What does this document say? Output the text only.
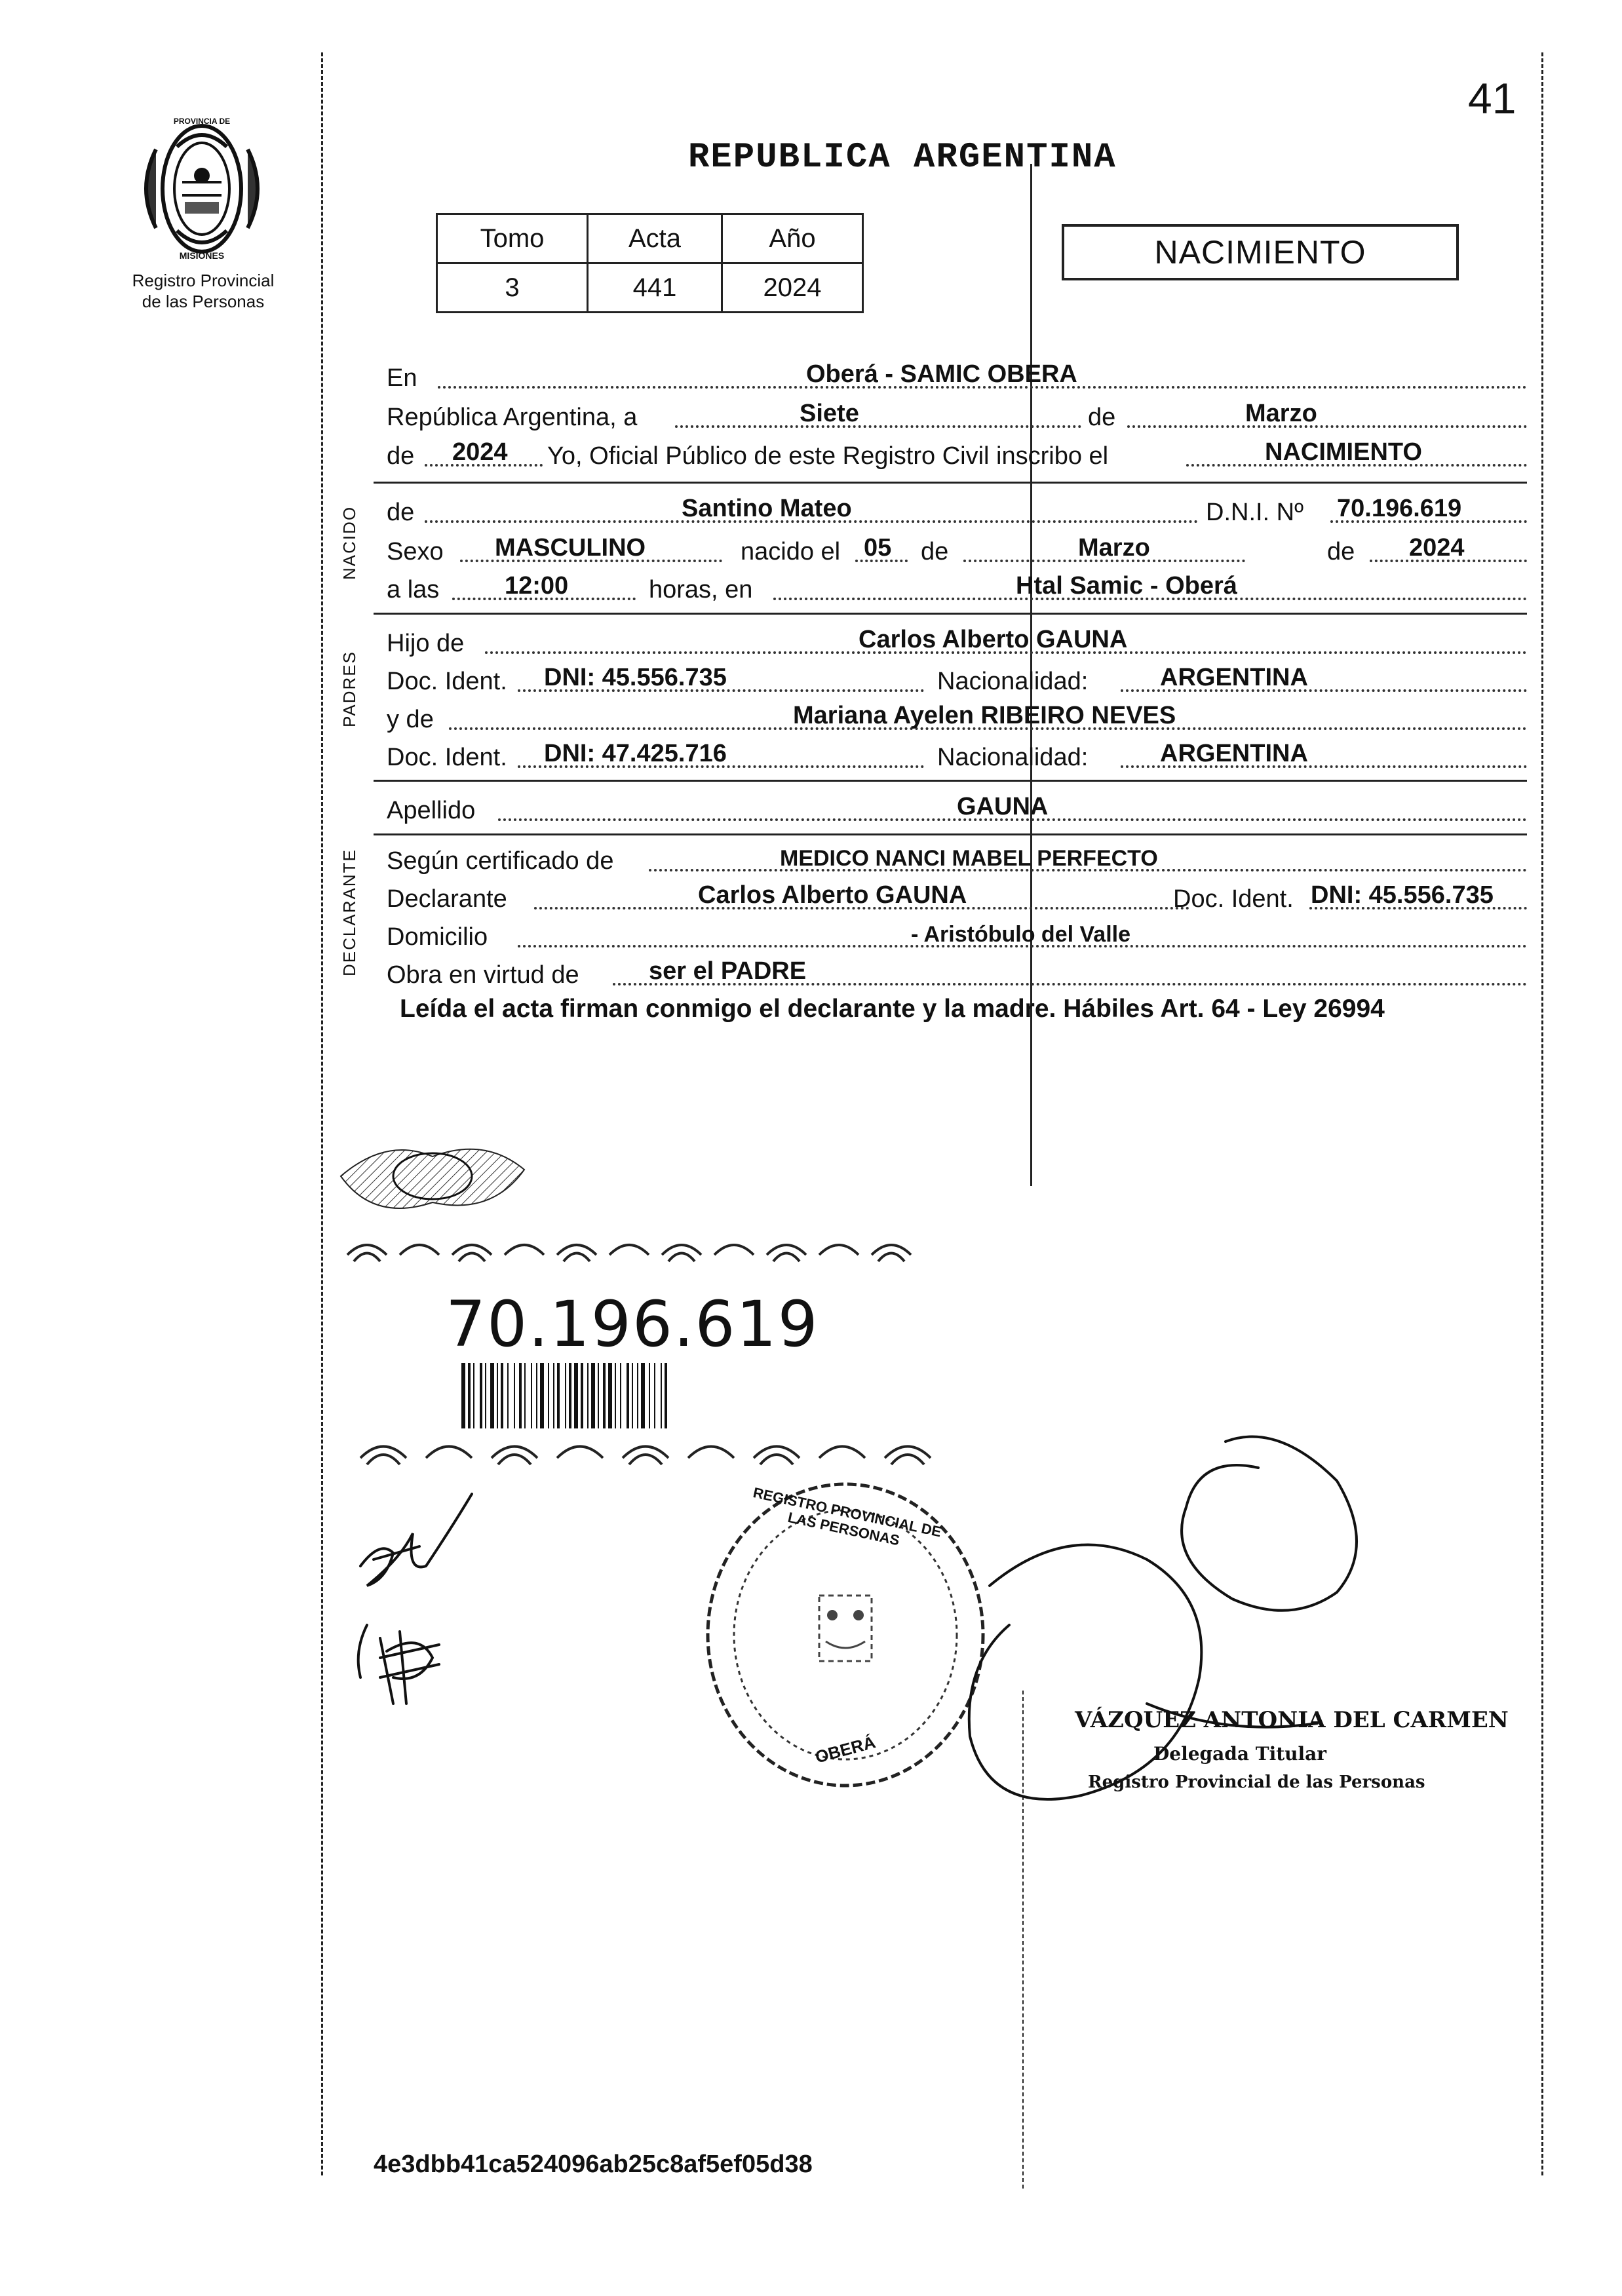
41
PROVINCIA DE
MISIONES
Registro Provincial
de las Personas
REPUBLICA ARGENTINA
Tomo	Acta	Año
3	441	2024
NACIMIENTO
En	Oberá - SAMIC OBERA
República Argentina, a	Siete	de	Marzo
de 2024 Yo, Oficial Público de este Registro Civil inscribo el	NACIMIENTO
NACIDO de	Santino Mateo	D.N.I. Nº 70.196.619
Sexo MASCULINO	nacido el 05 de	Marzo	de 2024
a las	12:00	horas, en	Htal Samic - Oberá
PADRES
Hijo de	Carlos Alberto GAUNA
Doc. Ident. DNI: 45.556.735	Nacionalidad:	ARGENTINA
y de	Mariana Ayelen RIBEIRO NEVES
Doc. Ident. DNI: 47.425.716	Nacionalidad:	ARGENTINA
Apellido	GAUNA
DECLARANTE Según certificado de	MEDICO NANCI MABEL PERFECTO
Declarante	Carlos Alberto GAUNA	Doc. Ident. DNI: 45.556.735
Domicilio	- Aristóbulo del Valle
Obra en virtud de	ser el PADRE
Leída el acta firman conmigo el declarante y la madre. Hábiles Art. 64 - Ley 26994
70.196.619
REGISTRO PROVINCIAL DE LAS PERSONAS
OBERÁ
VÁZQUEZ ANTONIA DEL CARMEN
Delegada Titular
Registro Provincial de las Personas
4e3dbb41ca524096ab25c8af5ef05d38
